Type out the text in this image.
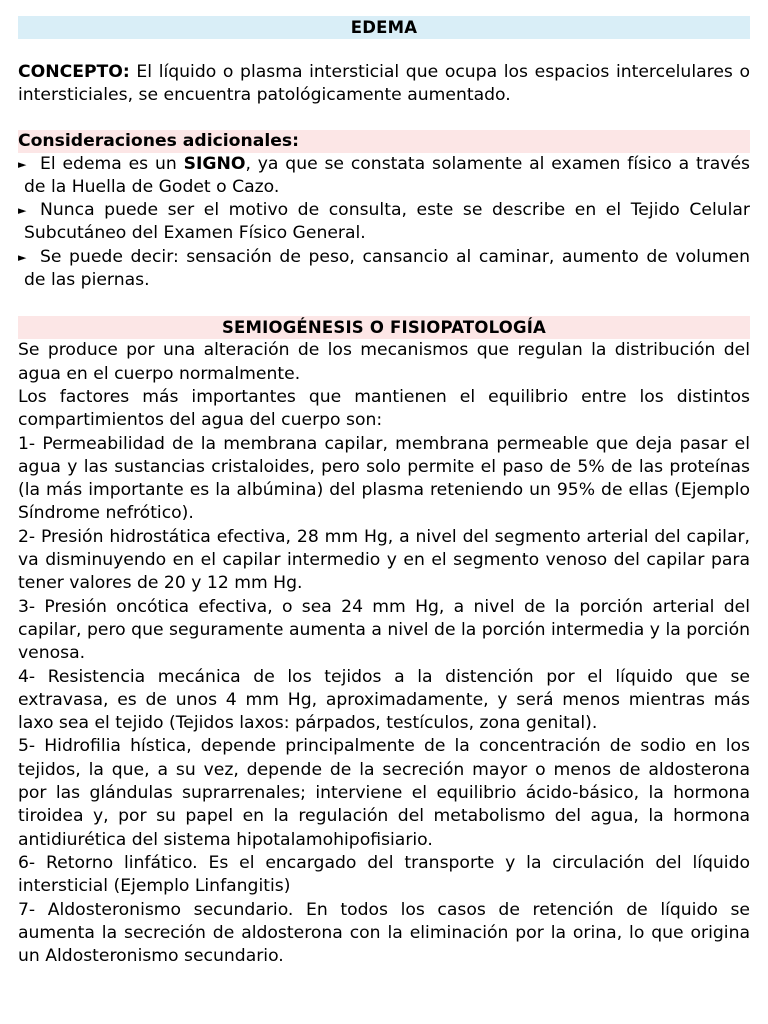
EDEMA

CONCEPTO: El líquido o plasma intersticial que ocupa los espacios intercelulares o intersticiales, se encuentra patológicamente aumentado.

Consideraciones adicionales:
► El edema es un SIGNO, ya que se constata solamente al examen físico a través de la Huella de Godet o Cazo.
► Nunca puede ser el motivo de consulta, este se describe en el Tejido Celular Subcutáneo del Examen Físico General.
► Se puede decir: sensación de peso, cansancio al caminar, aumento de volumen de las piernas.
SEMIOGÉNESIS O FISIOPATOLOGÍA

Se produce por una alteración de los mecanismos que regulan la distribución del agua en el cuerpo normalmente.

Los factores más importantes que mantienen el equilibrio entre los distintos compartimientos del agua del cuerpo son:

1- Permeabilidad de la membrana capilar, membrana permeable que deja pasar el agua y las sustancias cristaloides, pero solo permite el paso de 5% de las proteínas (la más importante es la albúmina) del plasma reteniendo un 95% de ellas (Ejemplo Síndrome nefrótico).

2- Presión hidrostática efectiva, 28 mm Hg, a nivel del segmento arterial del capilar, va disminuyendo en el capilar intermedio y en el segmento venoso del capilar para tener valores de 20 y 12 mm Hg.

3- Presión oncótica efectiva, o sea 24 mm Hg, a nivel de la porción arterial del capilar, pero que seguramente aumenta a nivel de la porción intermedia y la porción venosa.

4- Resistencia mecánica de los tejidos a la distención por el líquido que se extravasa, es de unos 4 mm Hg, aproximadamente, y será menos mientras más laxo sea el tejido (Tejidos laxos: párpados, testículos, zona genital).

5- Hidrofilia hística, depende principalmente de la concentración de sodio en los tejidos, la que, a su vez, depende de la secreción mayor o menos de aldosterona por las glándulas suprarrenales; interviene el equilibrio ácido-básico, la hormona tiroidea y, por su papel en la regulación del metabolismo del agua, la hormona antidiurética del sistema hipotalamohipofisiario.

6- Retorno linfático. Es el encargado del transporte y la circulación del líquido intersticial (Ejemplo Linfangitis)

7- Aldosteronismo secundario. En todos los casos de retención de líquido se aumenta la secreción de aldosterona con la eliminación por la orina, lo que origina un Aldosteronismo secundario.
